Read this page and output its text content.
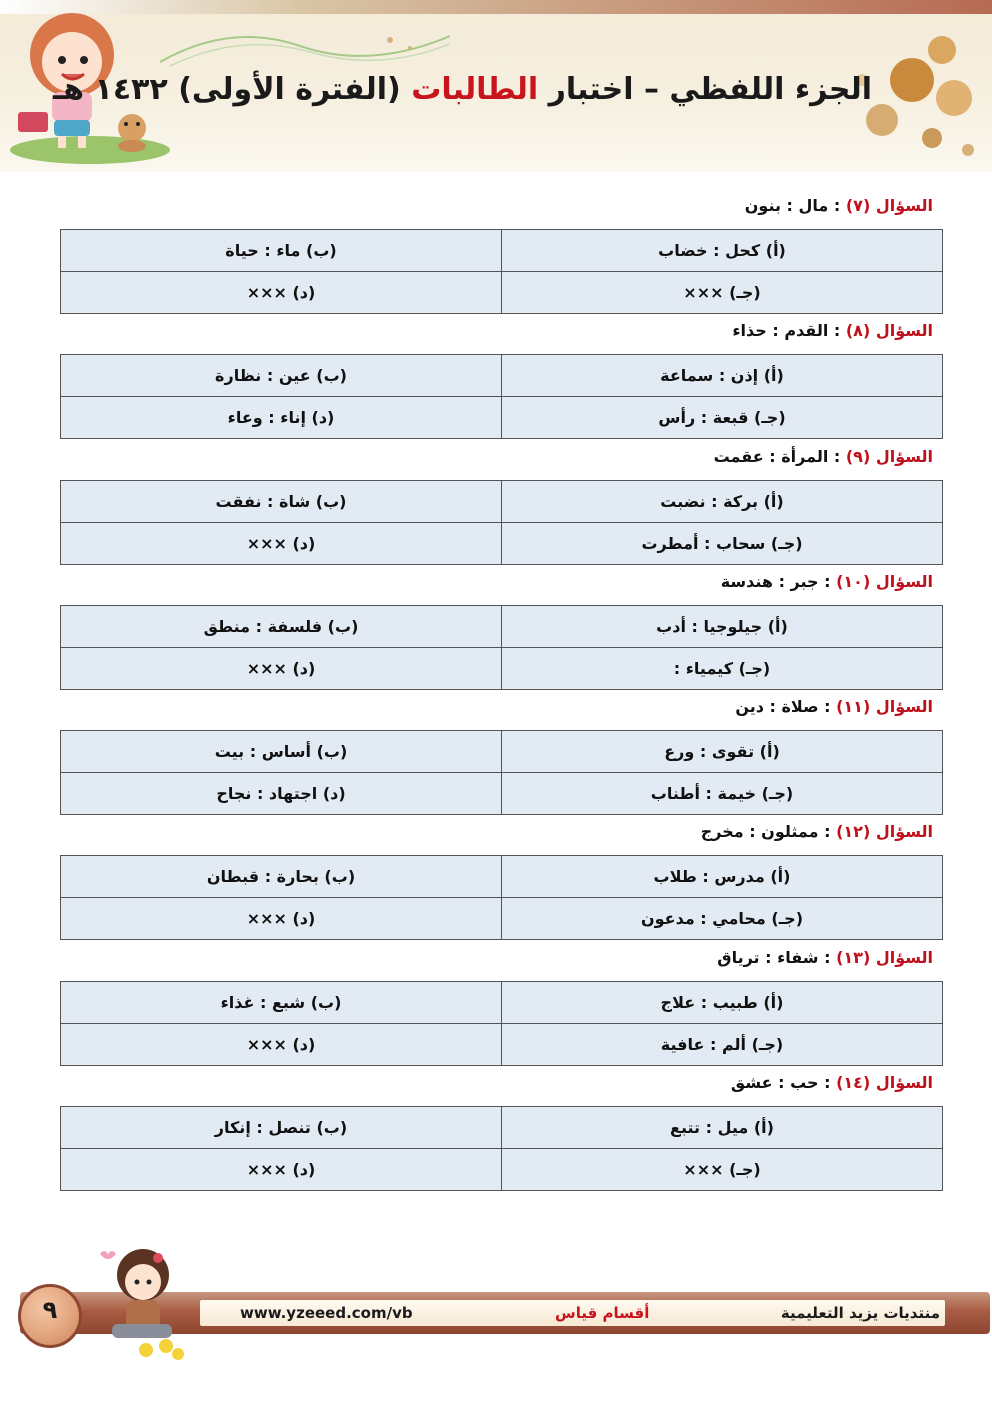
الجزء اللفظي – اختبار الطالبات (الفترة الأولى) ١٤٣٢ هـ
السؤال (٧) : مال : بنون
(أ) كحل : خضاب	(ب) ماء : حياة
(جـ) ×××	(د) ×××
السؤال (٨) : القدم : حذاء
(أ) إذن : سماعة	(ب) عين : نظارة
(جـ) قبعة : رأس	(د) إناء : وعاء
السؤال (٩) : المرأة : عقمت
(أ) بركة : نضبت	(ب) شاة : نفقت
(جـ) سحاب : أمطرت	(د) ×××
السؤال (١٠) : جبر : هندسة
(أ) جيلوجيا : أدب	(ب) فلسفة : منطق
(جـ) كيمياء :	(د) ×××
السؤال (١١) : صلاة : دين
(أ) تقوى : ورع	(ب) أساس : بيت
(جـ) خيمة : أطناب	(د) اجتهاد : نجاح
السؤال (١٢) : ممثلون : مخرج
(أ) مدرس : طلاب	(ب) بحارة : قبطان
(جـ) محامي : مدعون	(د) ×××
السؤال (١٣) : شفاء : ترياق
(أ) طبيب : علاج	(ب) شبع : غذاء
(جـ) ألم : عافية	(د) ×××
السؤال (١٤) : حب : عشق
(أ) ميل : تتبع	(ب) تنصل : إنكار
(جـ) ×××	(د) ×××
www.yzeeed.com/vb	أقسام قياس	منتديات يزيد التعليمية
٩
